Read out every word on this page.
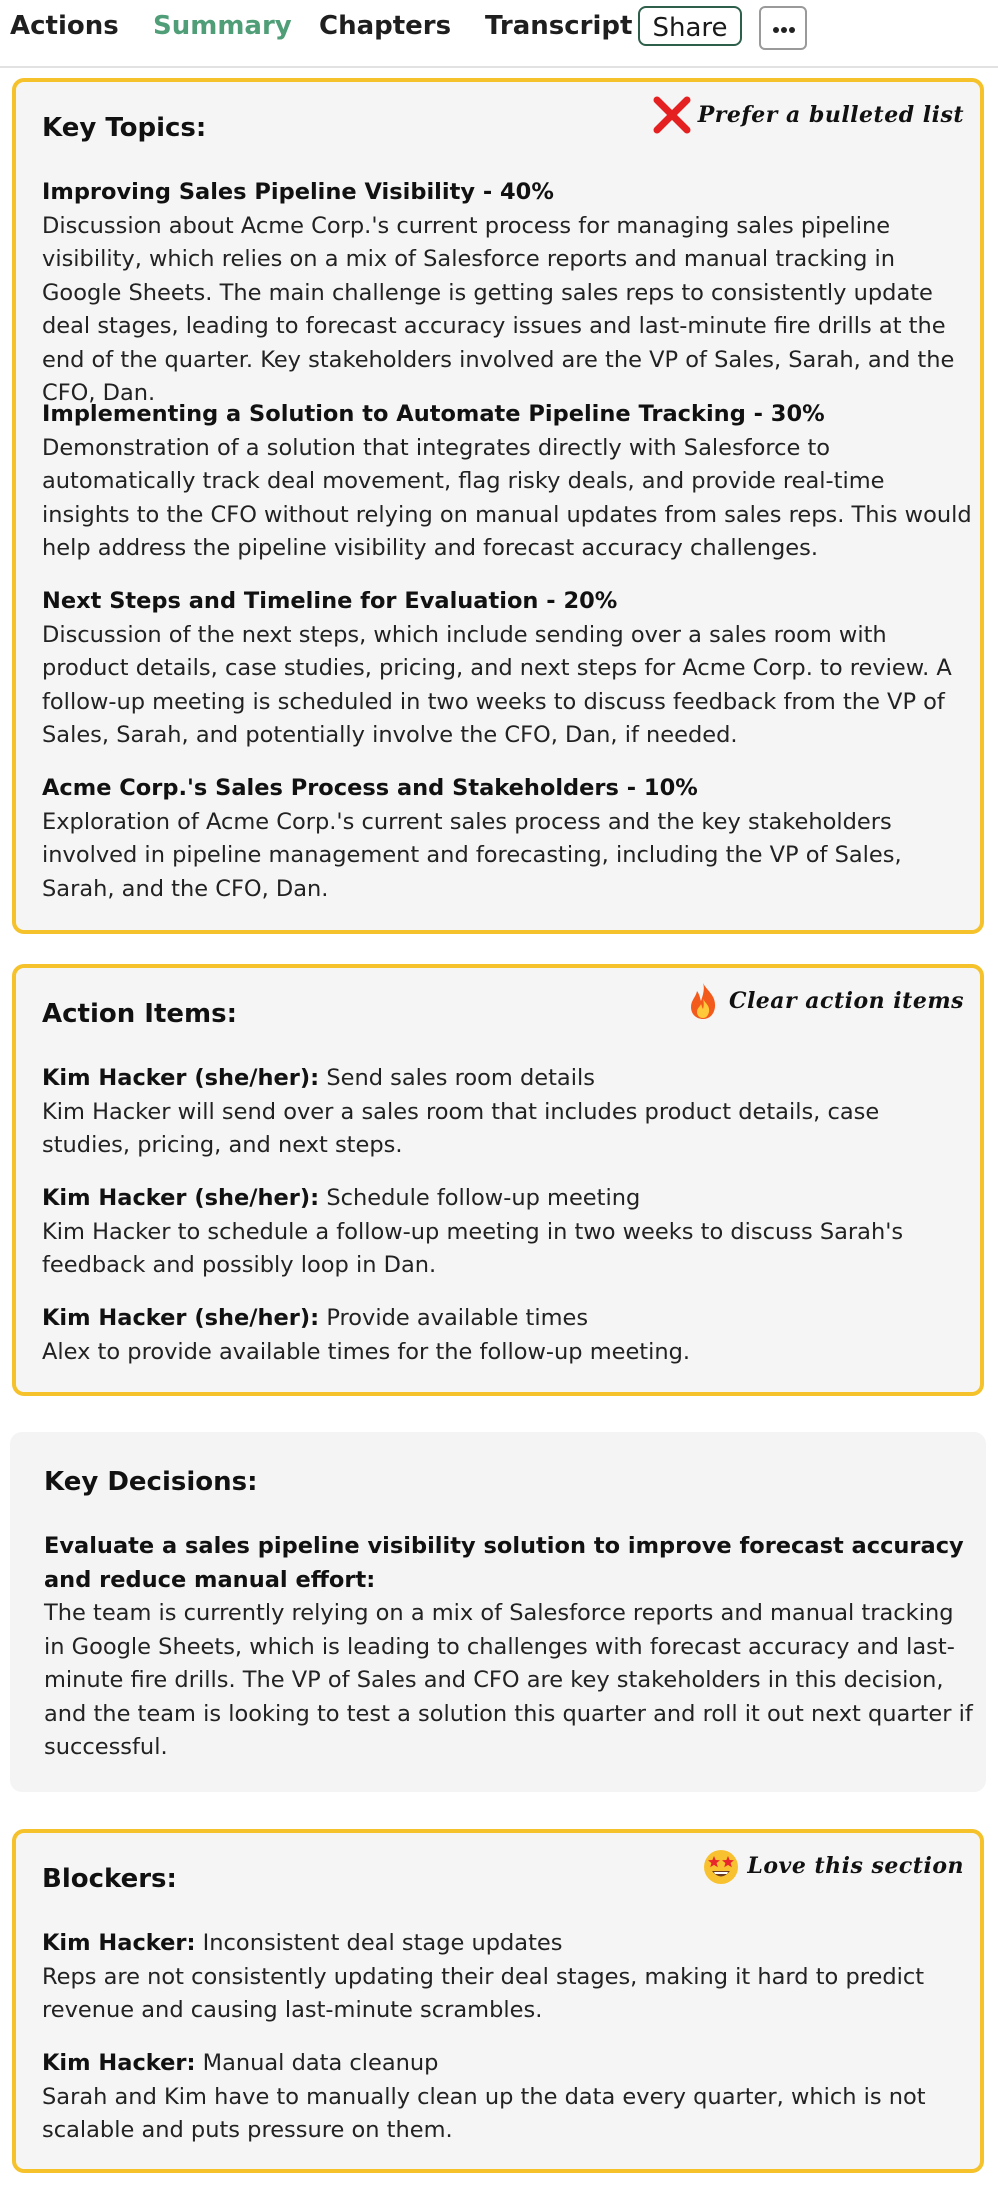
Actions Summary Chapters Transcript Share
Key Topics:	Prefer a bulleted list

Improving Sales Pipeline Visibility - 40%

Discussion about Acme Corp.'s current process for managing sales pipeline visibility, which relies on a mix of Salesforce reports and manual tracking in Google Sheets. The main challenge is getting sales reps to consistently update deal stages, leading to forecast accuracy issues and last-minute fire drills at the end of the quarter. Key stakeholders involved are the VP of Sales, Sarah, and the CFO, Dan.

Implementing a Solution to Automate Pipeline Tracking - 30%

Demonstration of a solution that integrates directly with Salesforce to automatically track deal movement, flag risky deals, and provide real-time insights to the CFO without relying on manual updates from sales reps. This would help address the pipeline visibility and forecast accuracy challenges.

Next Steps and Timeline for Evaluation - 20%

Discussion of the next steps, which include sending over a sales room with product details, case studies, pricing, and next steps for Acme Corp. to review. A follow-up meeting is scheduled in two weeks to discuss feedback from the VP of Sales, Sarah, and potentially involve the CFO, Dan, if needed.

Acme Corp.'s Sales Process and Stakeholders - 10%

Exploration of Acme Corp.'s current sales process and the key stakeholders involved in pipeline management and forecasting, including the VP of Sales, Sarah, and the CFO, Dan.

Action Items:	Clear action items

Kim Hacker (she/her): Send sales room details

Kim Hacker will send over a sales room that includes product details, case studies, pricing, and next steps.

Kim Hacker (she/her): Schedule follow-up meeting

Kim Hacker to schedule a follow-up meeting in two weeks to discuss Sarah's feedback and possibly loop in Dan.

Kim Hacker (she/her): Provide available times

Alex to provide available times for the follow-up meeting.

Key Decisions:

Evaluate a sales pipeline visibility solution to improve forecast accuracy and reduce manual effort:

The team is currently relying on a mix of Salesforce reports and manual tracking in Google Sheets, which is leading to challenges with forecast accuracy and last-minute fire drills. The VP of Sales and CFO are key stakeholders in this decision, and the team is looking to test a solution this quarter and roll it out next quarter if successful.

Blockers:	Love this section

Kim Hacker: Inconsistent deal stage updates

Reps are not consistently updating their deal stages, making it hard to predict revenue and causing last-minute scrambles.

Kim Hacker: Manual data cleanup

Sarah and Kim have to manually clean up the data every quarter, which is not scalable and puts pressure on them.
